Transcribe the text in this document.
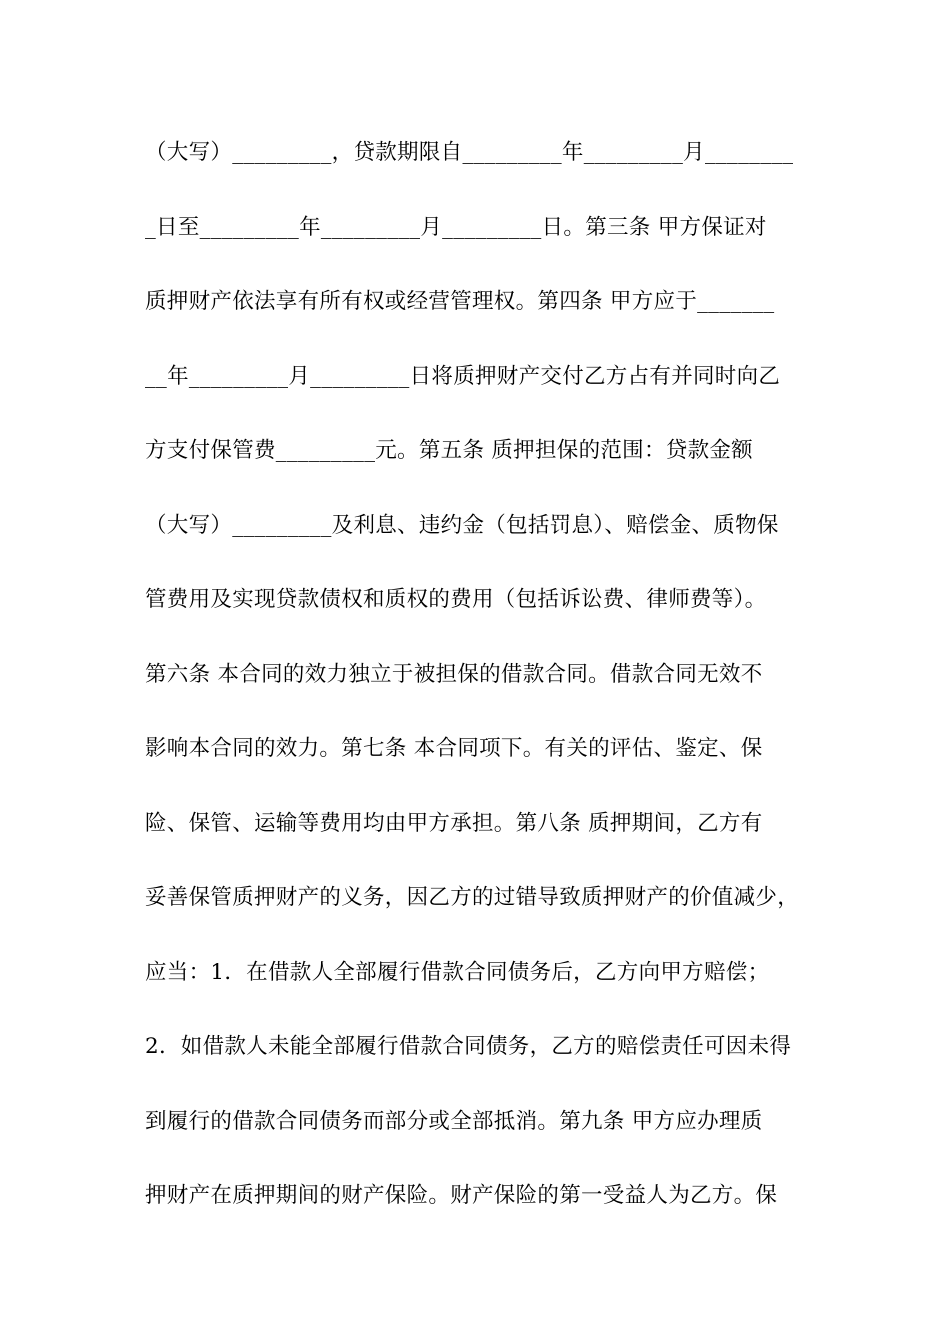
（大写）_________，贷款期限自_________年_________月________
_日至_________年_________月_________日。第三条 甲方保证对
质押财产依法享有所有权或经营管理权。第四条 甲方应于_______
__年_________月_________日将质押财产交付乙方占有并同时向乙
方支付保管费_________元。第五条 质押担保的范围：贷款金额
（大写）_________及利息、违约金（包括罚息）、赔偿金、质物保
管费用及实现贷款债权和质权的费用（包括诉讼费、律师费等）。
第六条 本合同的效力独立于被担保的借款合同。借款合同无效不
影响本合同的效力。第七条 本合同项下。有关的评估、鉴定、保
险、保管、运输等费用均由甲方承担。第八条 质押期间，乙方有
妥善保管质押财产的义务，因乙方的过错导致质押财产的价值减少，
应当：1．在借款人全部履行借款合同债务后，乙方向甲方赔偿；
2．如借款人未能全部履行借款合同债务，乙方的赔偿责任可因未得
到履行的借款合同债务而部分或全部抵消。第九条 甲方应办理质
押财产在质押期间的财产保险。财产保险的第一受益人为乙方。保
